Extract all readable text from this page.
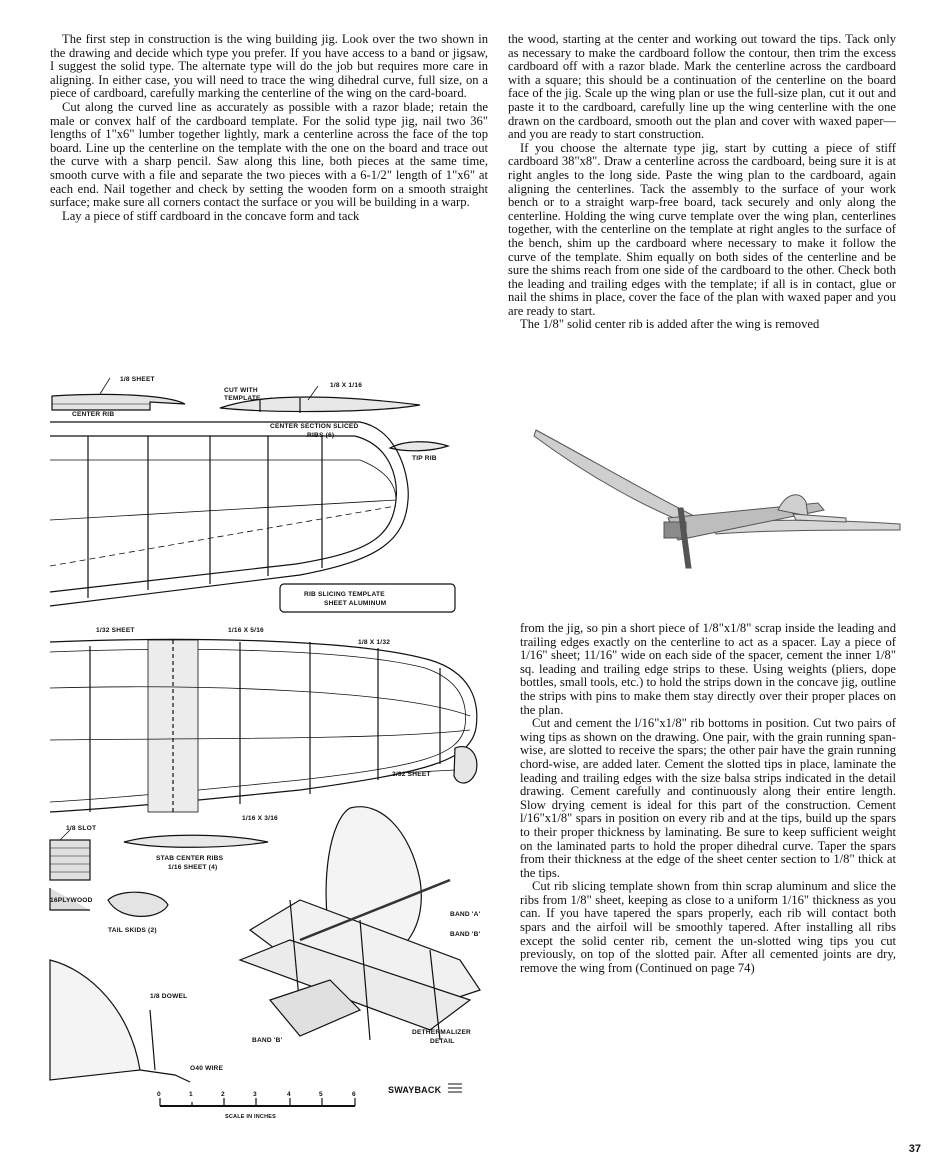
The first step in construction is the wing building jig. Look over the two shown in the drawing and decide which type you prefer. If you have access to a band or jigsaw, I suggest the solid type. The alternate type will do the job but requires more care in aligning. In either case, you will need to trace the wing dihedral curve, full size, on a piece of cardboard, carefully marking the centerline of the wing on the card-board.

Cut along the curved line as accurately as possible with a razor blade; retain the male or convex half of the cardboard template. For the solid type jig, nail two 36" lengths of 1"x6" lumber together lightly, mark a centerline across the face of the top board. Line up the centerline on the template with the one on the board and trace out the curve with a sharp pencil. Saw along this line, both pieces at the same time, smooth curve with a file and separate the two pieces with a 6-1/2" length of 1"x6" at each end. Nail together and check by setting the wooden form on a smooth straight surface; make sure all corners contact the surface or you will be building in a warp.

Lay a piece of stiff cardboard in the concave form and tack

the wood, starting at the center and working out toward the tips. Tack only as necessary to make the cardboard follow the contour, then trim the excess cardboard off with a razor blade. Mark the centerline across the cardboard with a square; this should be a continuation of the centerline on the board face of the jig. Scale up the wing plan or use the full-size plan, cut it out and paste it to the cardboard, carefully line up the wing centerline with the one drawn on the cardboard, smooth out the plan and cover with waxed paper—and you are ready to start construction.

If you choose the alternate type jig, start by cutting a piece of stiff cardboard 38"x8". Draw a centerline across the cardboard, being sure it is at right angles to the long side. Paste the wing plan to the cardboard, again aligning the centerlines. Tack the assembly to the surface of your work bench or to a straight warp-free board, tack securely and only along the centerline. Holding the wing curve template over the wing plan, centerlines together, with the centerline on the template at right angles to the surface of the bench, shim up the cardboard where necessary to make it follow the curve of the template. Shim equally on both sides of the centerline and be sure the shims reach from one side of the cardboard to the other. Check both the leading and trailing edges with the template; if all is in contact, glue or nail the shims in place, cover the face of the plan with waxed paper and you are ready to start.

The 1/8" solid center rib is added after the wing is removed

from the jig, so pin a short piece of 1/8"x1/8" scrap inside the leading and trailing edges exactly on the centerline to act as a spacer. Lay a piece of 1/16" sheet; 11/16" wide on each side of the spacer, cement the inner 1/8" sq. leading and trailing edge strips to these. Using weights (pliers, dope bottles, small tools, etc.) to hold the strips down in the concave jig, outline the strips with pins to make them stay directly over their proper places on the plan.

Cut and cement the l/16"x1/8" rib bottoms in position. Cut two pairs of wing tips as shown on the drawing. One pair, with the grain running span-wise, are slotted to receive the spars; the other pair have the grain running chord-wise, are added later. Cement the slotted tips in place, laminate the leading and trailing edges with the size balsa strips indicated in the detail drawing. Cement carefully and continuously along their entire length. Slow drying cement is ideal for this part of the construction. Cement l/16"x1/8" spars in position on every rib and at the tips, build up the spars to their proper thickness by laminating. Be sure to keep sufficient weight on the laminated parts to hold the proper dihedral curve. Taper the spars from their thickness at the edge of the sheet center section to 1/8" thick at the tips.

Cut rib slicing template shown from thin scrap aluminum and slice the ribs from 1/8" sheet, keeping as close to a uniform 1/16" thickness as you can. If you have tapered the spars properly, each rib will contact both spars and the airfoil will be smoothly tapered. After installing all ribs except the solid center rib, cement the un-slotted wing tips you cut previously, on top of the slotted pair. After all cemented joints are dry, remove the wing from (Continued on page 74)

1/8 SHEET
CENTER RIB
CUT WITH
TEMPLATE
1/8 X 1/16
CENTER SECTION SLICED
RIBS (6)
TIP RIB
RIB SLICING TEMPLATE
SHEET ALUMINUM
1/32 SHEET	1/16 X 5/16
1/8 X 1/32
3/32 SHEET
1/16 X 3/16
1/8 SLOT
STAB CENTER RIBS
1/16 SHEET (4)
16PLYWOOD
TAIL SKIDS (2)
1/8 DOWEL
O40 WIRE
BAND 'A'
BAND 'B'
BAND 'B'
DETHERMALIZER
DETAIL
SWAYBACK
SCALE IN INCHES
0	1	2	3	4	5	6
37
